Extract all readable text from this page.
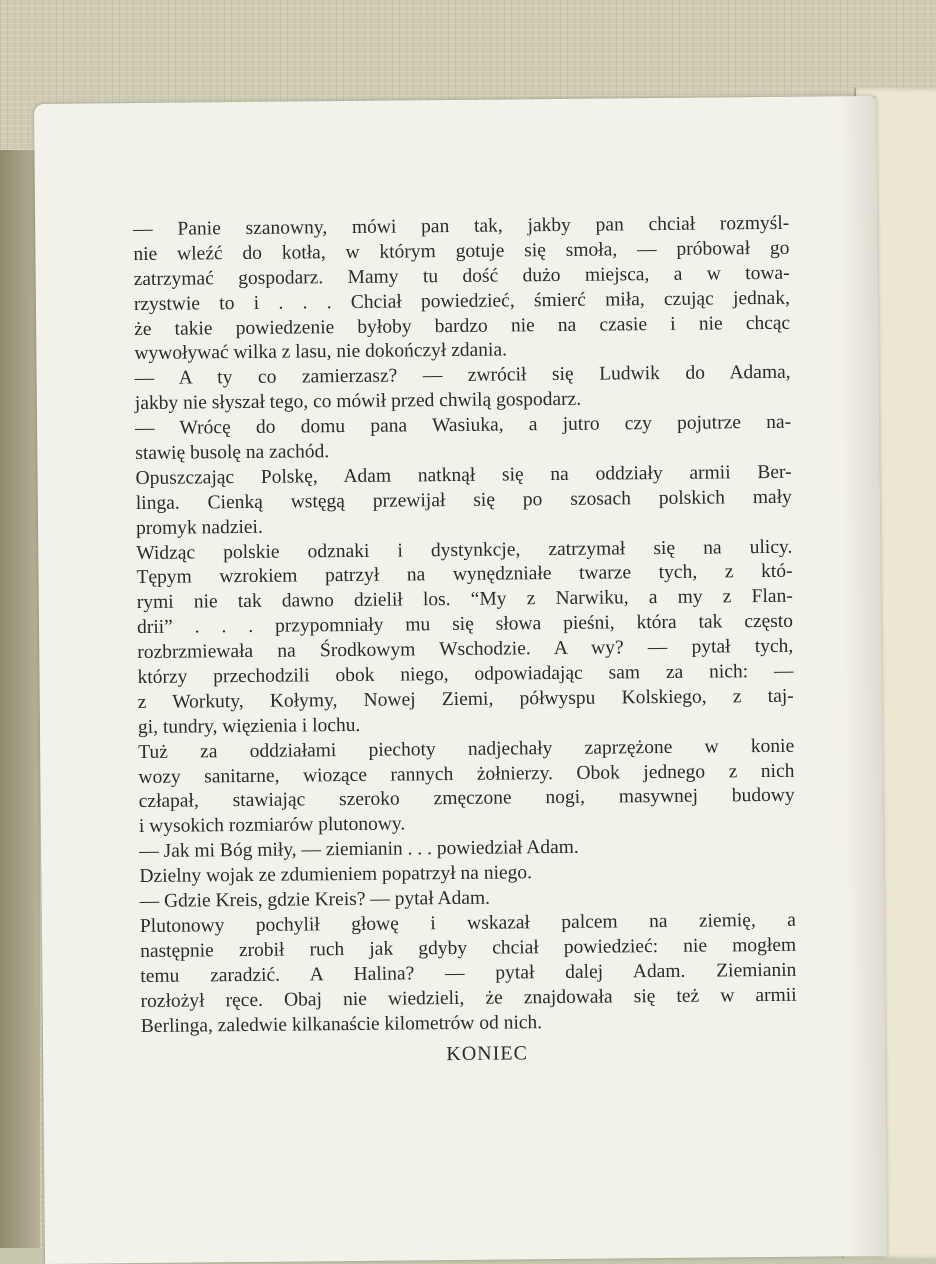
— Panie szanowny, mówi pan tak, jakby pan chciał rozmyśl-
nie wleźć do kotła, w którym gotuje się smoła, — próbował go
zatrzymać gospodarz. Mamy tu dość dużo miejsca, a w towa-
rzystwie to i . . . Chciał powiedzieć, śmierć miła, czując jednak,
że takie powiedzenie byłoby bardzo nie na czasie i nie chcąc
wywoływać wilka z lasu, nie dokończył zdania.
— A ty co zamierzasz? — zwrócił się Ludwik do Adama,
jakby nie słyszał tego, co mówił przed chwilą gospodarz.
— Wrócę do domu pana Wasiuka, a jutro czy pojutrze na-
stawię busolę na zachód.
Opuszczając Polskę, Adam natknął się na oddziały armii Ber-
linga. Cienką wstęgą przewijał się po szosach polskich mały
promyk nadziei.
Widząc polskie odznaki i dystynkcje, zatrzymał się na ulicy.
Tępym wzrokiem patrzył na wynędzniałe twarze tych, z któ-
rymi nie tak dawno dzielił los. “My z Narwiku, a my z Flan-
drii” . . . przypomniały mu się słowa pieśni, która tak często
rozbrzmiewała na Środkowym Wschodzie. A wy? — pytał tych,
którzy przechodzili obok niego, odpowiadając sam za nich: —
z Workuty, Kołymy, Nowej Ziemi, półwyspu Kolskiego, z taj-
gi, tundry, więzienia i lochu.
Tuż za oddziałami piechoty nadjechały zaprzężone w konie
wozy sanitarne, wiozące rannych żołnierzy. Obok jednego z nich
człapał, stawiając szeroko zmęczone nogi, masywnej budowy
i wysokich rozmiarów plutonowy.
— Jak mi Bóg miły, — ziemianin . . . powiedział Adam.
Dzielny wojak ze zdumieniem popatrzył na niego.
— Gdzie Kreis, gdzie Kreis? — pytał Adam.
Plutonowy pochylił głowę i wskazał palcem na ziemię, a
następnie zrobił ruch jak gdyby chciał powiedzieć: nie mogłem
temu zaradzić. A Halina? — pytał dalej Adam. Ziemianin
rozłożył ręce. Obaj nie wiedzieli, że znajdowała się też w armii
Berlinga, zaledwie kilkanaście kilometrów od nich.
KONIEC
